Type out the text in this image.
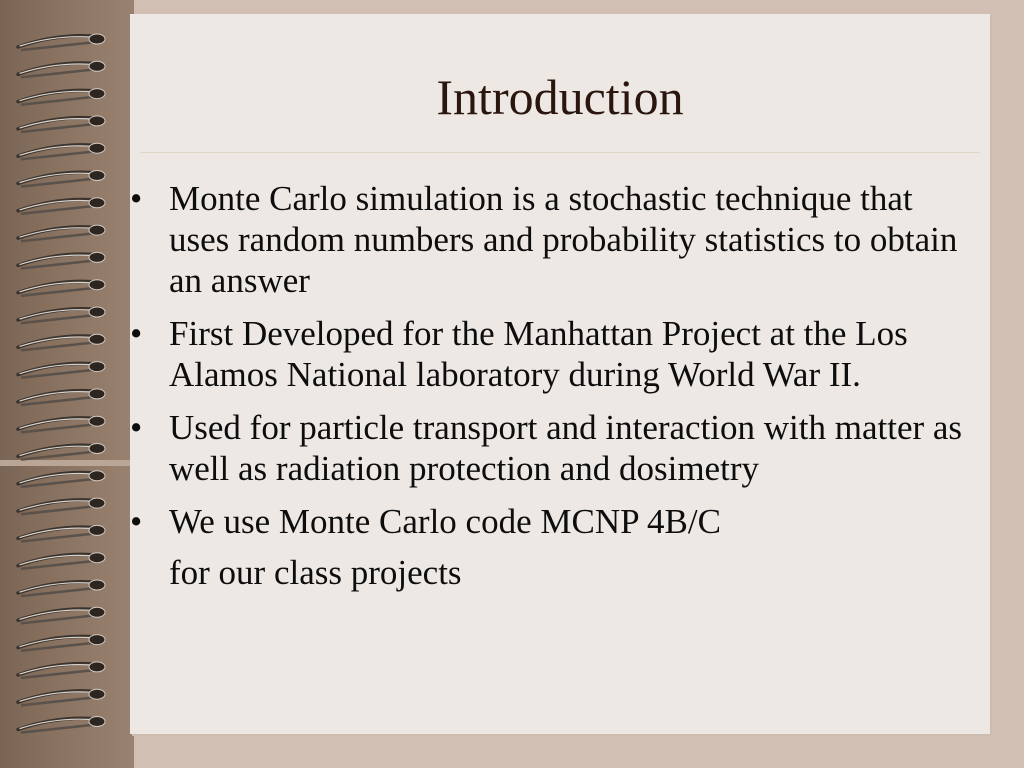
Introduction
• Monte Carlo simulation is a stochastic technique that uses random numbers and probability statistics to obtain an answer
• First Developed for the Manhattan Project at the Los Alamos National laboratory during World War II.
• Used for particle transport and interaction with matter as well as radiation protection and dosimetry
• We use Monte Carlo code MCNP 4B/C
for our class projects
